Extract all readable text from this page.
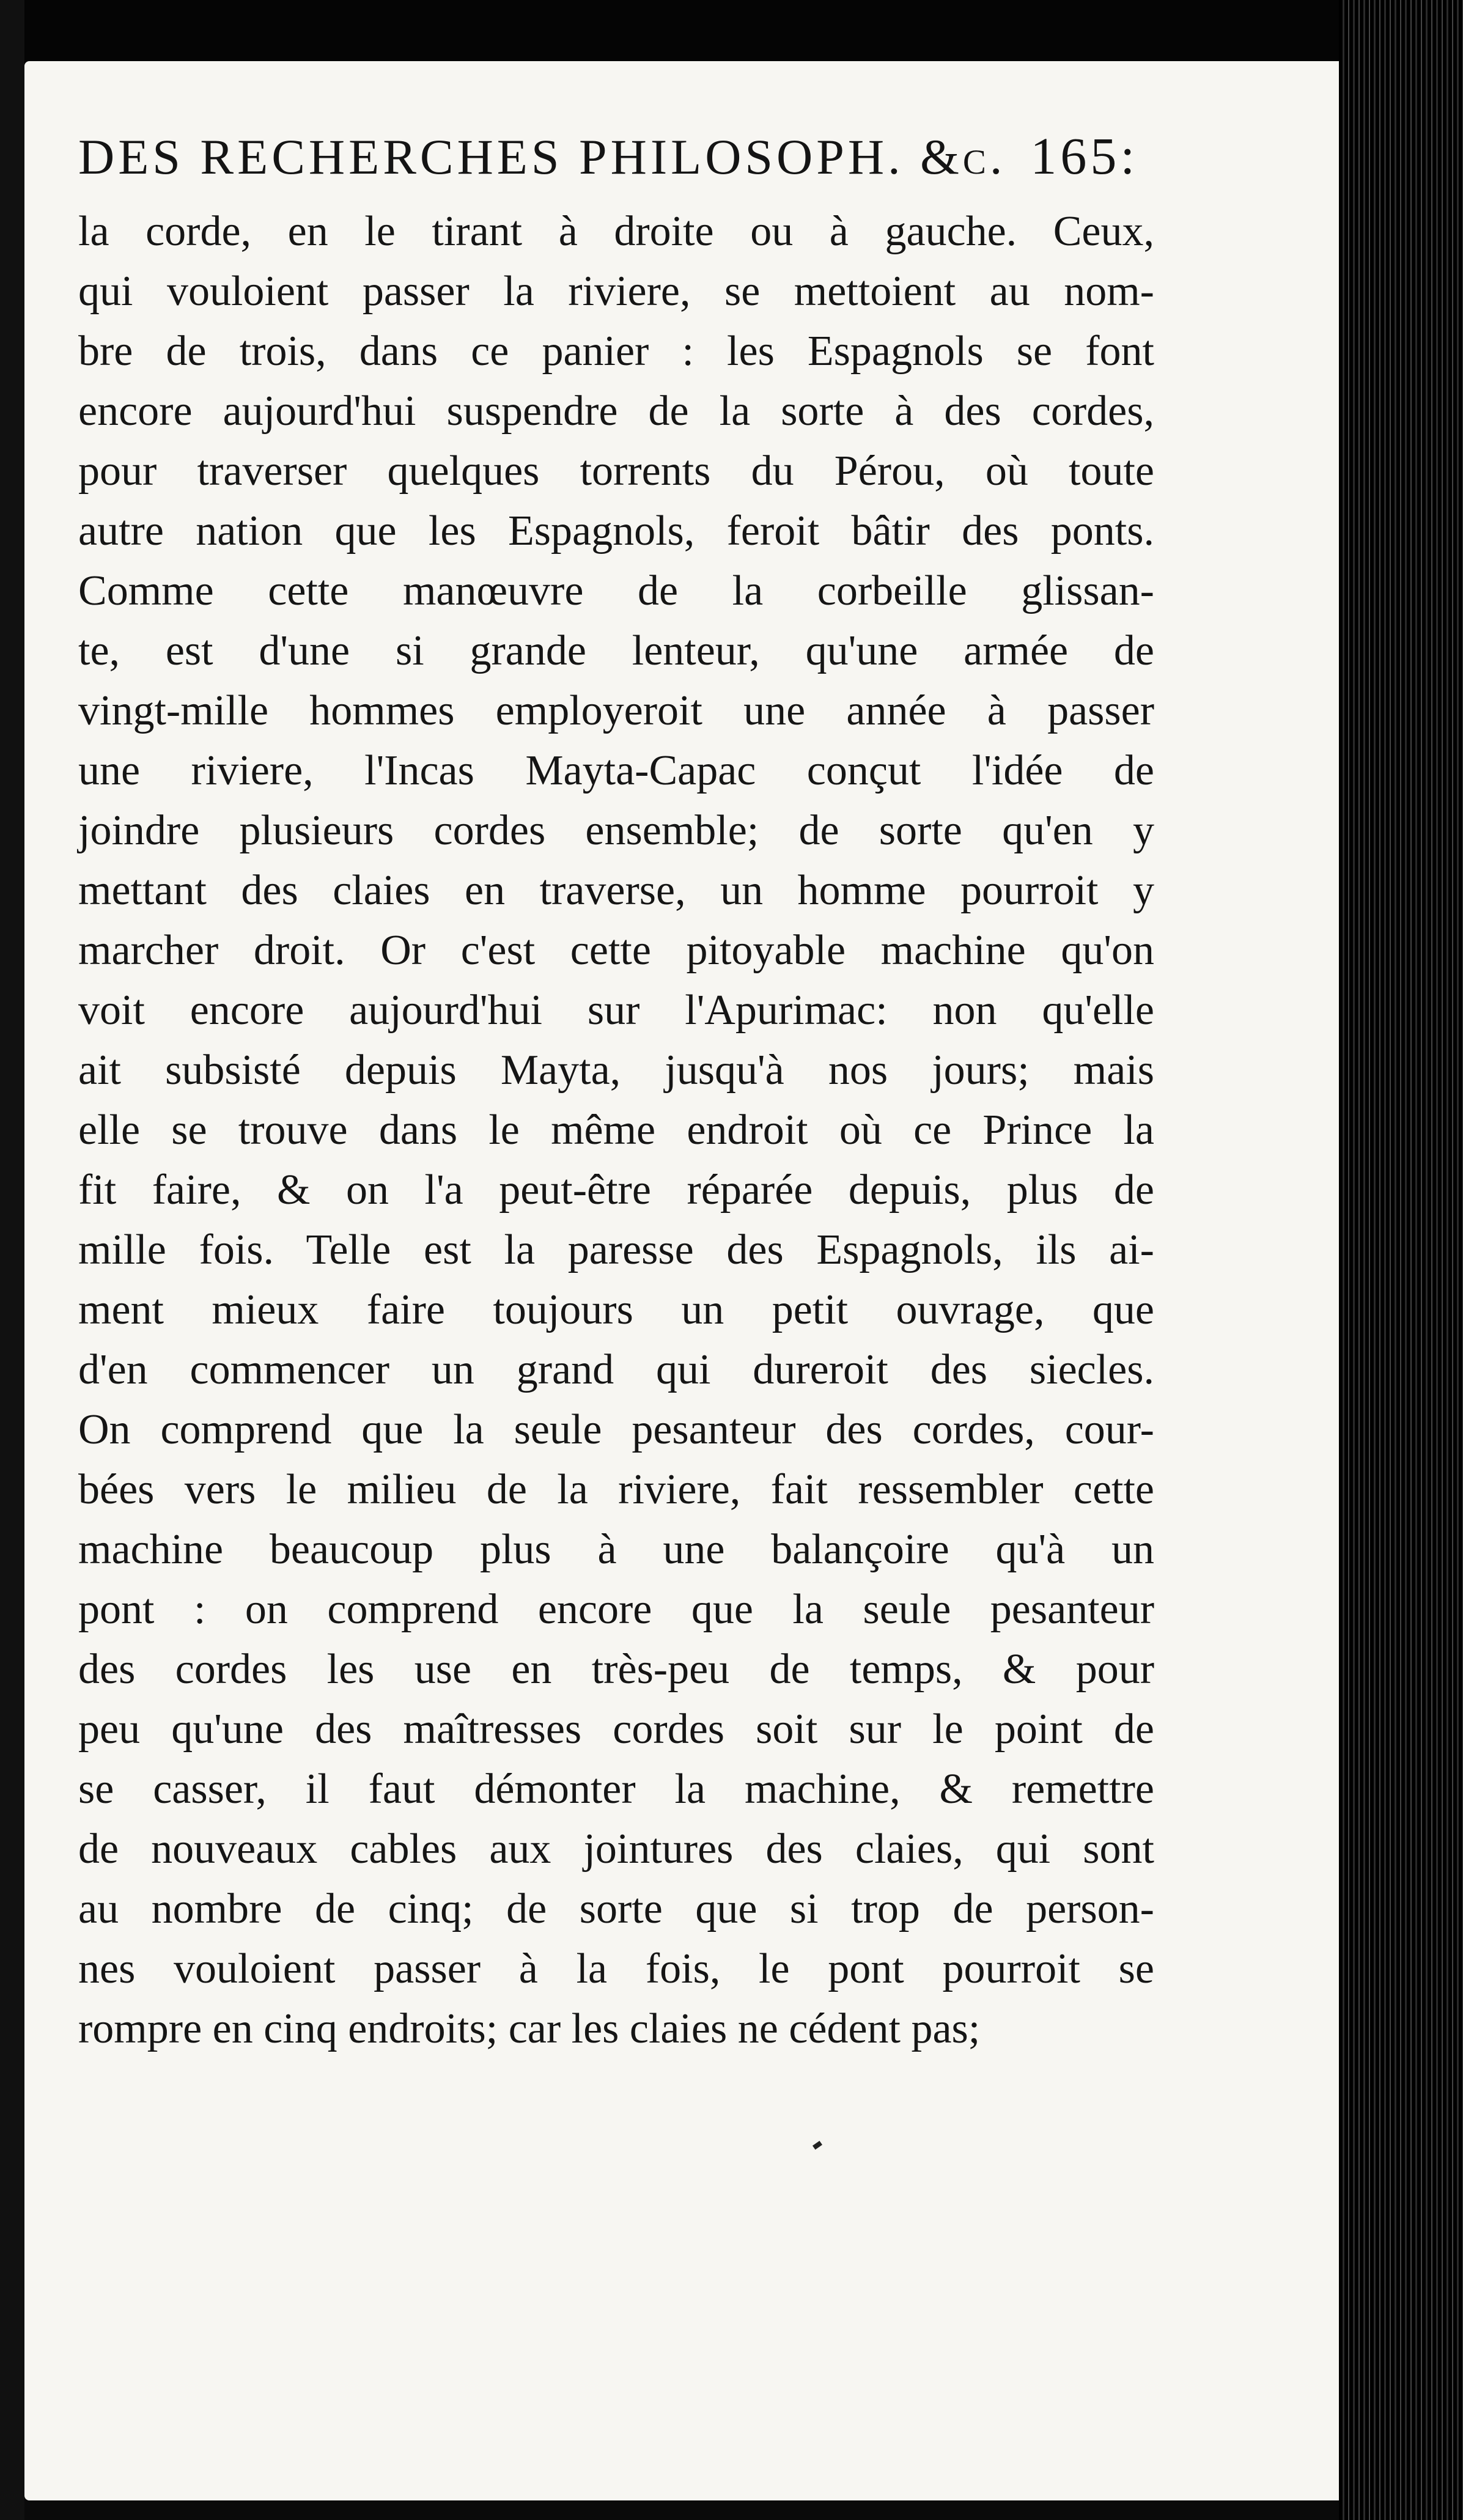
DES RECHERCHES PHILOSOPH. &c. 165:
la corde, en le tirant à droite ou à gauche. Ceux,
qui vouloient passer la riviere, se mettoient au nom-
bre de trois, dans ce panier : les Espagnols se font
encore aujourd'hui suspendre de la sorte à des cordes,
pour traverser quelques torrents du Pérou, où toute
autre nation que les Espagnols, feroit bâtir des ponts.
Comme cette manœuvre de la corbeille glissan-
te, est d'une si grande lenteur, qu'une armée de
vingt-mille hommes employeroit une année à passer
une riviere, l'Incas Mayta-Capac conçut l'idée de
joindre plusieurs cordes ensemble; de sorte qu'en y
mettant des claies en traverse, un homme pourroit y
marcher droit. Or c'est cette pitoyable machine qu'on
voit encore aujourd'hui sur l'Apurimac: non qu'elle
ait subsisté depuis Mayta, jusqu'à nos jours; mais
elle se trouve dans le même endroit où ce Prince la
fit faire, & on l'a peut-être réparée depuis, plus de
mille fois. Telle est la paresse des Espagnols, ils ai-
ment mieux faire toujours un petit ouvrage, que
d'en commencer un grand qui dureroit des siecles.
On comprend que la seule pesanteur des cordes, cour-
bées vers le milieu de la riviere, fait ressembler cette
machine beaucoup plus à une balançoire qu'à un
pont : on comprend encore que la seule pesanteur
des cordes les use en très-peu de temps, & pour
peu qu'une des maîtresses cordes soit sur le point de
se casser, il faut démonter la machine, & remettre
de nouveaux cables aux jointures des claies, qui sont
au nombre de cinq; de sorte que si trop de person-
nes vouloient passer à la fois, le pont pourroit se
rompre en cinq endroits; car les claies ne cédent pas;
